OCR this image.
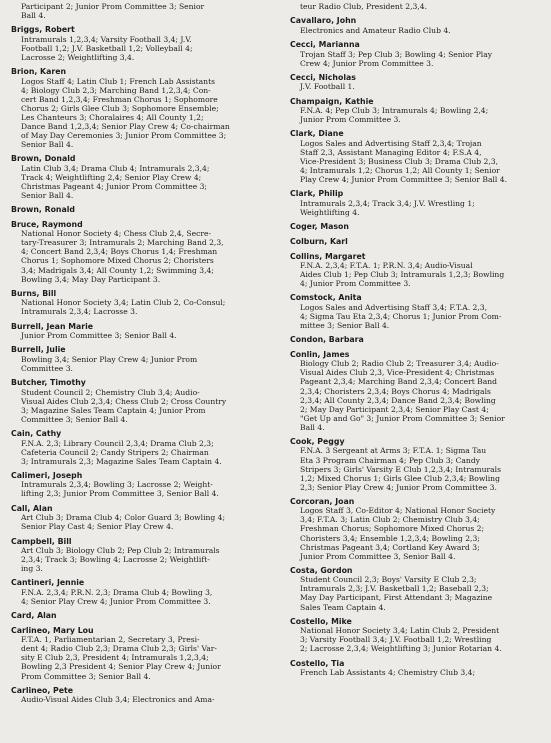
Participant 2; Junior Prom Committee 3; Senior
Ball 4.
Briggs, Robert
Intramurals 1,2,3,4; Varsity Football 3,4; J.V.
Football 1,2; J.V. Basketball 1,2; Volleyball 4;
Lacrosse 2; Weightlifting 3,4.
Brion, Karen
Logos Staff 4; Latin Club 1; French Lab Assistants
4; Biology Club 2,3; Marching Band 1,2,3,4; Con-
cert Band 1,2,3,4; Freshman Chorus 1; Sophomore
Chorus 2; Girls Glee Club 3; Sophomore Ensemble;
Les Chanteurs 3; Choralaires 4; All County 1,2;
Dance Band 1,2,3,4; Senior Play Crew 4; Co-chairman
of May Day Ceremonies 3; Junior Prom Committee 3;
Senior Ball 4.
Brown, Donald
Latin Club 3,4; Drama Club 4; Intramurals 2,3,4;
Track 4; Weightlifting 2,4; Senior Play Crew 4;
Christmas Pageant 4; Junior Prom Committee 3;
Senior Ball 4.
Brown, Ronald
Bruce, Raymond
National Honor Society 4; Chess Club 2,4, Secre-
tary-Treasurer 3; Intramurals 2; Marching Band 2,3,
4; Concert Band 2,3,4; Boys Chorus 1,4; Freshman
Chorus 1; Sophomore Mixed Chorus 2; Choristers
3,4; Madrigals 3,4; All County 1,2; Swimming 3,4;
Bowling 3,4; May Day Participant 3.
Burns, Bill
National Honor Society 3,4; Latin Club 2, Co-Consul;
Intramurals 2,3,4; Lacrosse 3.
Burrell, Jean Marie
Junior Prom Committee 3; Senior Ball 4.
Burrell, Julie
Bowling 3,4; Senior Play Crew 4; Junior Prom
Committee 3.
Butcher, Timothy
Student Council 2; Chemistry Club 3,4; Audio-
Visual Aides Club 2,3,4; Chess Club 2; Cross Country
3; Magazine Sales Team Captain 4; Junior Prom
Committee 3; Senior Ball 4.
Cain, Cathy
F.N.A. 2,3; Library Council 2,3,4; Drama Club 2,3;
Cafeteria Council 2; Candy Stripers 2; Chairman
3; Intramurals 2,3; Magazine Sales Team Captain 4.
Calimeri, Joseph
Intramurals 2,3,4; Bowling 3; Lacrosse 2; Weight-
lifting 2,3; Junior Prom Committee 3, Senior Ball 4.
Call, Alan
Art Club 3; Drama Club 4; Color Guard 3; Bowling 4;
Senior Play Cast 4; Senior Play Crew 4.
Campbell, Bill
Art Club 3; Biology Club 2; Pep Club 2; Intramurals
2,3,4; Track 3; Bowling 4; Lacrosse 2; Weightlift-
ing 3.
Cantineri, Jennie
F.N.A. 2,3,4; P.R.N. 2,3; Drama Club 4; Bowling 3,
4; Senior Play Crew 4; Junior Prom Committee 3.
Card, Alan
Carlineo, Mary Lou
F.T.A. 1, Parliamentarian 2, Secretary 3, Presi-
dent 4; Radio Club 2,3; Drama Club 2,3; Girls' Var-
sity E Club 2,3, President 4; Intramurals 1,2,3,4;
Bowling 2,3 President 4; Senior Play Crew 4; Junior
Prom Committee 3; Senior Ball 4.
Carlineo, Pete
Audio-Visual Aides Club 3,4; Electronics and Ama-
teur Radio Club, President 2,3,4.
Cavallaro, John
Electronics and Amateur Radio Club 4.
Cecci, Marianna
Trojan Staff 3; Pep Club 3; Bowling 4; Senior Play
Crew 4; Junior Prom Committee 3.
Cecci, Nicholas
J.V. Football 1.
Champaign, Kathie
F.N.A. 4; Pep Club 3; Intramurals 4; Bowling 2,4;
Junior Prom Committee 3.
Clark, Diane
Logos Sales and Advertising Staff 2,3,4; Trojan
Staff 2,3, Assistant Managing Editor 4; F.S.A 4,
Vice-President 3; Business Club 3; Drama Club 2,3,
4; Intramurals 1,2; Chorus 1,2; All County 1; Senior
Play Crew 4; Junior Prom Committee 3; Senior Ball 4.
Clark, Philip
Intramurals 2,3,4; Track 3,4; J.V. Wrestling 1;
Weightlifting 4.
Coger, Mason
Colburn, Karl
Collins, Margaret
F.N.A. 2,3,4; F.T.A. 1; P.R.N. 3,4; Audio-Visual
Aides Club 1; Pep Club 3; Intramurals 1,2,3; Bowling
4; Junior Prom Committee 3.
Comstock, Anita
Logos Sales and Advertising Staff 3,4; F.T.A. 2,3,
4; Sigma Tau Eta 2,3,4; Chorus 1; Junior Prom Com-
mittee 3; Senior Ball 4.
Condon, Barbara
Conlin, James
Biology Club 2; Radio Club 2; Treasurer 3,4; Audio-
Visual Aides Club 2,3, Vice-President 4; Christmas
Pageant 2,3,4; Marching Band 2,3,4; Concert Band
2,3,4; Choristers 2,3,4; Boys Chorus 4; Madrigals
2,3,4; All County 2,3,4; Dance Band 2,3,4; Bowling
2; May Day Participant 2,3,4; Senior Play Cast 4;
"Get Up and Go" 3; Junior Prom Committee 3; Senior
Ball 4.
Cook, Peggy
F.N.A. 3 Sergeant at Arms 3; F.T.A. 1; Sigma Tau
Eta 3 Program Chairman 4; Pep Club 3; Candy
Stripers 3; Girls' Varsity E Club 1,2,3,4; Intramurals
1,2; Mixed Chorus 1; Girls Glee Club 2,3,4; Bowling
2,3; Senior Play Crew 4; Junior Prom Committee 3.
Corcoran, Joan
Logos Staff 3, Co-Editor 4; National Honor Society
3,4; F.T.A. 3; Latin Club 2; Chemistry Club 3,4;
Freshman Chorus; Sophomore Mixed Chorus 2;
Choristers 3,4; Ensemble 1,2,3,4; Bowling 2,3;
Christmas Pageant 3,4; Cortland Key Award 3;
Junior Prom Committee 3, Senior Ball 4.
Costa, Gordon
Student Council 2,3; Boys' Varsity E Club 2,3;
Intramurals 2,3; J.V. Basketball 1,2; Baseball 2,3;
May Day Participant, First Attendant 3; Magazine
Sales Team Captain 4.
Costello, Mike
National Honor Society 3,4; Latin Club 2, President
3; Varsity Football 3,4; J.V. Football 1,2; Wrestling
2; Lacrosse 2,3,4; Weightlifting 3; Junior Rotarian 4.
Costello, Tia
French Lab Assistants 4; Chemistry Club 3,4;
